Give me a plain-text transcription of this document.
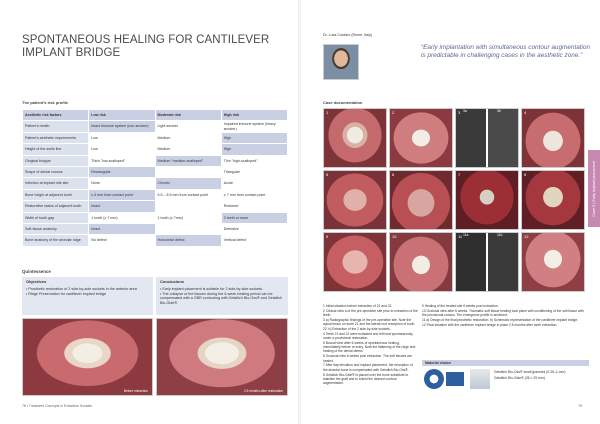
SPONTANEOUS HEALING FOR CANTILEVER IMPLANT BRIDGE
The patient's risk profile
Aesthetic risk factors	Low risk	Moderate risk	High risk
Patient's health	Intact immune system (non-smoker)	Light smoker	Impaired immune system (heavy smoker)
Patient's aesthetic requirements	Low	Medium	High
Height of the smile line	Low	Medium	High
Gingival biotype	Thick "low-scalloped"	Medium "medium-scalloped"	Thin "high-scalloped"
Shape of dental crowns	Rectangular		Triangular
Infection at implant site site	None	Chronic	Acute
Bone height at adjacent tooth	≤ 5 mm from contact point	5.5 – 6.5 mm from contact point	≥ 7 mm from contact point
Restorative status of adjacent tooth	Intact		Restored
Width of tooth gap	1 tooth (≥ 7 mm)	1 tooth (≤ 7mm)	2 teeth or more
Soft-tissue anatomy	Intact		Defective
Bone anatomy of the alveolar ridge	No defect	Horizontal defect	Vertical defect
Quintessence
Objectives
• Prosthetic restoration of 2 side-by-side sockets in the anterior area
• Ridge Preservation for cantilever implant bridge
Conclusions
• Early implant placement is suitable for 2 side-by-side sockets.
• The collapse of the tissues during the 6-week healing period can be compensated with a GBR contouring with Geistlich Bio-Oss® and Geistlich Bio-Gide®.
Before extraction	2.5 months after restoration
78 • Treatment Concepts in Extraction Sockets
Dr. Luca Cordaro (Rome, Italy)
“Early implantation with simultaneous contour augmentation is predictable in challenging cases in the aesthetic zone.”
Case 5 | Early implant placement
Case documentation
1	2	3	4
5	6	7	8
9	10	11	12
3a	3b
11a	11b

1 Initial situation before extraction of 21 and 22.

2 Clinical view a of the pre-operative site prior to extraction of the teeth.

3 a) Radiographic findings of the pre-operative site. Note the apical lesion on tooth 21 and the lateral root resorption of tooth 22. b) Extraction of the 2 side-by-side sockets.

4 Teeth 21 and 22 were extracted and left heal spontaneously under a provisional restoration.

5 Buccal view after 6 weeks of spontaneous healing, immediately before re-entry. Note the flattening of the ridge and healing of the dental defect.

6 Occlusal view 6 weeks post extraction. The soft tissues are healed.

7 After flap elevation and implant placement, the resorption of the alveolar bone is compensated with Geistlich Bio-Oss®.

8 Geistlich Bio-Gide® is placed over the bone substitute to stabilise the graft and to shield the desired contour augmentation.

9 Healing of the treated site 6 weeks post extraction.

10 Occlusal view after 6 weeks. Traumatic soft tissue healing took place with conditioning of the soft tissue with the provisional crowns. The emergence profile is achieved.

11 a) Design of the final prosthetic restoration. b) Schematic representation of the cantilever implant bridge.

12 Final situation with the cantilever implant bridge in place 2.5 months after tooth extraction.

Material choice
Geistlich Bio-Oss® small granules (0.25–1 mm)
Geistlich Bio-Gide® (25 × 25 mm)
79
